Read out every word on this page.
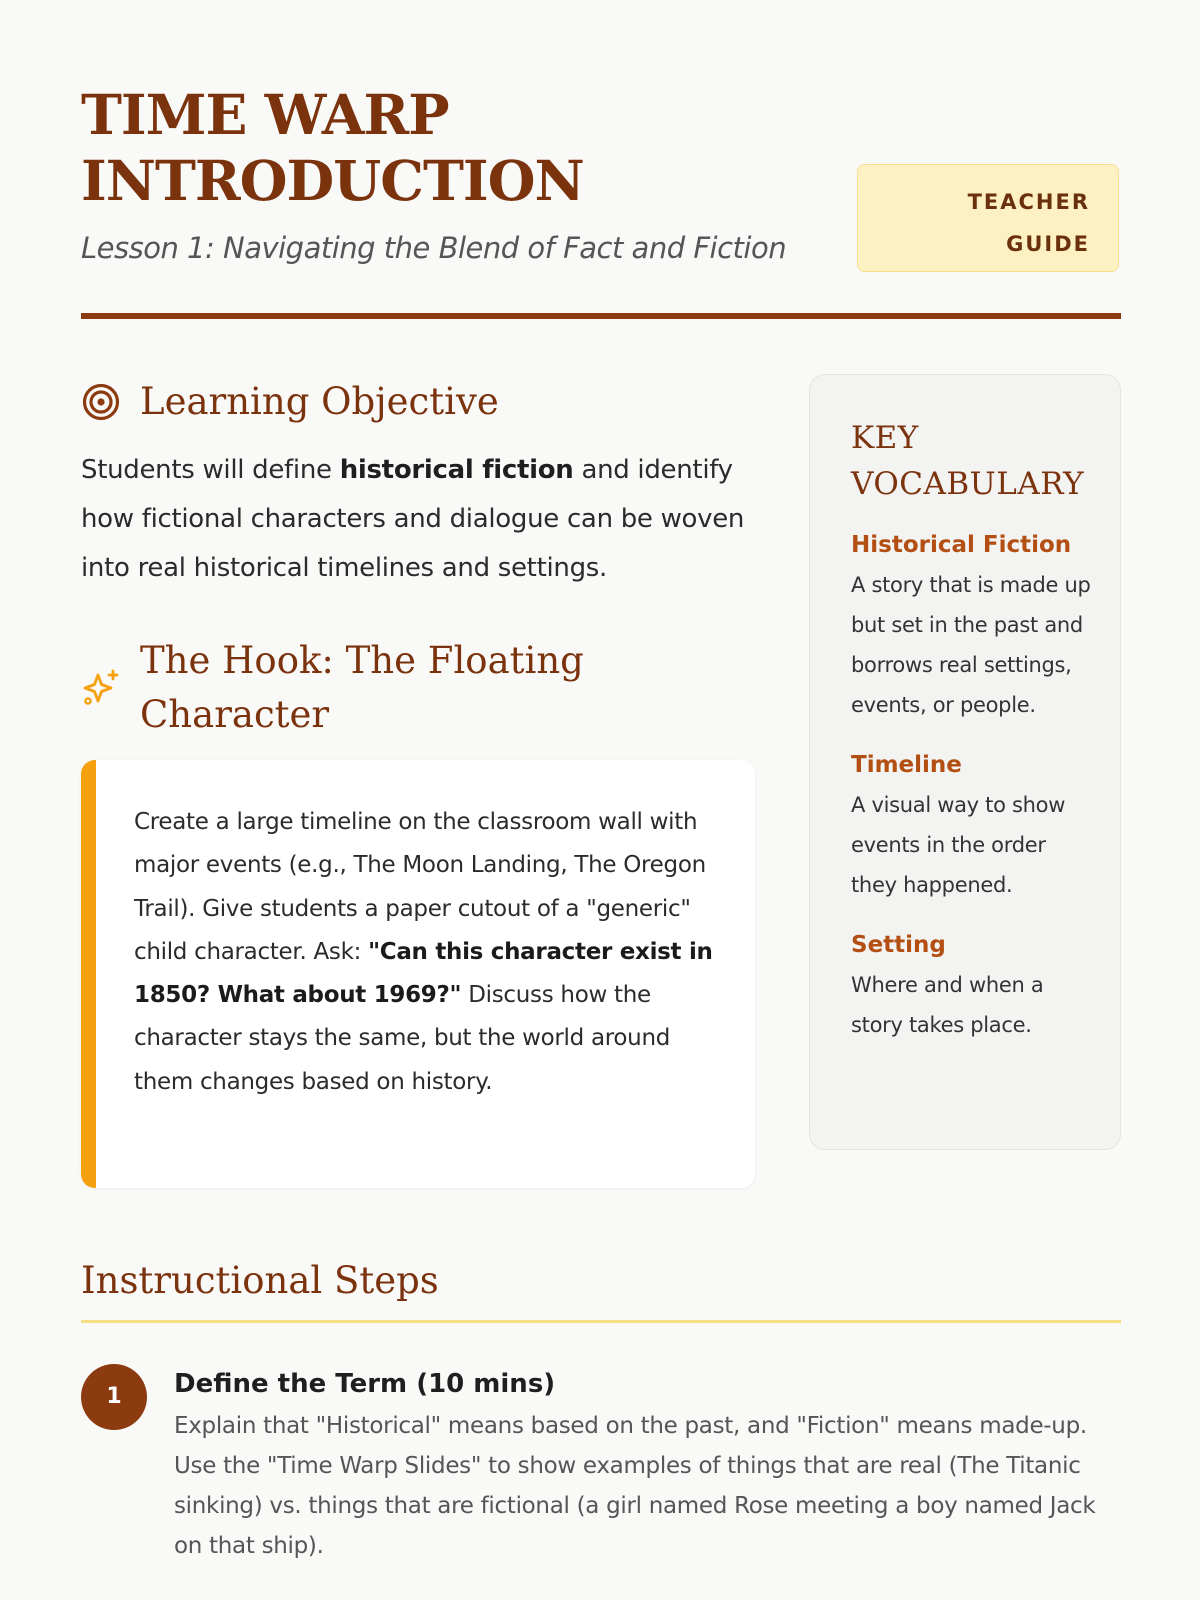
TIME WARP
INTRODUCTION
Lesson 1: Navigating the Blend of Fact and Fiction
TEACHER
GUIDE
Learning Objective
Students will define historical fiction and identify how fictional characters and dialogue can be woven into real historical timelines and settings.
The Hook: The Floating Character
Create a large timeline on the classroom wall with major events (e.g., The Moon Landing, The Oregon Trail). Give students a paper cutout of a "generic" child character. Ask: "Can this character exist in 1850? What about 1969?" Discuss how the character stays the same, but the world around them changes based on history.
KEY
VOCABULARY
Historical Fiction
A story that is made up but set in the past and borrows real settings, events, or people.
Timeline
A visual way to show events in the order they happened.
Setting
Where and when a story takes place.
Instructional Steps
1	Define the Term (10 mins)
Explain that "Historical" means based on the past, and "Fiction" means made-up. Use the "Time Warp Slides" to show examples of things that are real (The Titanic sinking) vs. things that are fictional (a girl named Rose meeting a boy named Jack on that ship).
